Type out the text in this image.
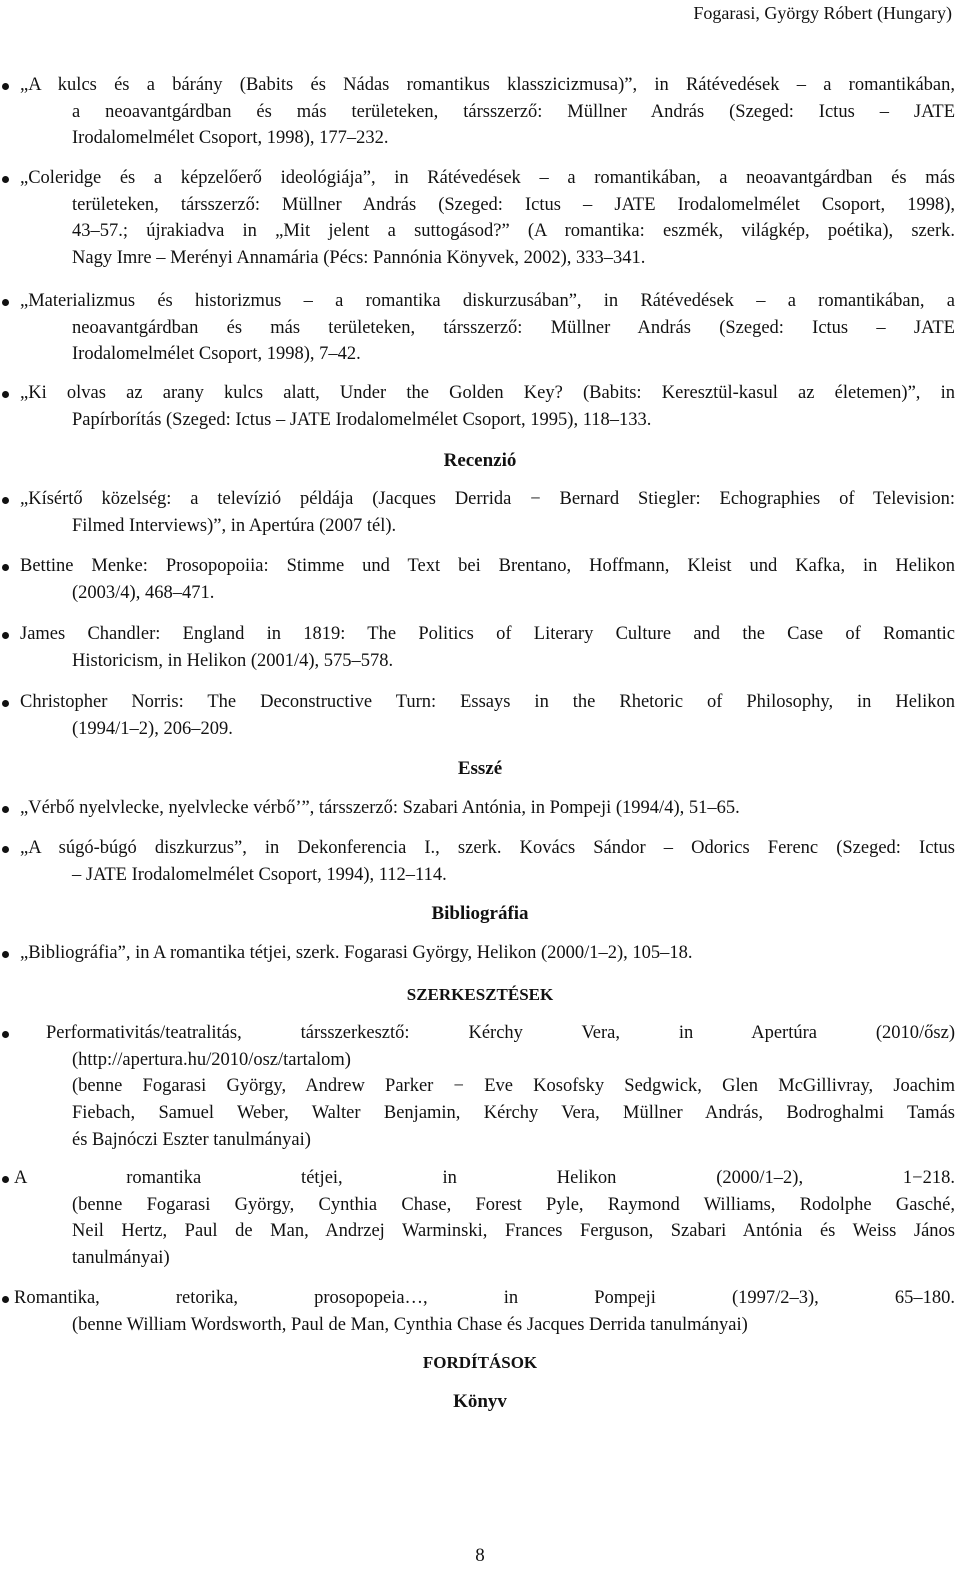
Fogarasi, György Róbert (Hungary)
„A kulcs és a bárány (Babits és Nádas romantikus klasszicizmusa)”, in Rátévedések – a romantikában,
a neoavantgárdban és más területeken, társszerző: Müllner András (Szeged: Ictus – JATE
Irodalomelmélet Csoport, 1998), 177–232.
„Coleridge és a képzelőerő ideológiája”, in Rátévedések – a romantikában, a neoavantgárdban és más
területeken, társszerző: Müllner András (Szeged: Ictus – JATE Irodalomelmélet Csoport, 1998),
43–57.; újrakiadva in „Mit jelent a suttogásod?” (A romantika: eszmék, világkép, poétika), szerk.
Nagy Imre – Merényi Annamária (Pécs: Pannónia Könyvek, 2002), 333–341.
„Materializmus és historizmus – a romantika diskurzusában”, in Rátévedések – a romantikában, a
neoavantgárdban és más területeken, társszerző: Müllner András (Szeged: Ictus – JATE
Irodalomelmélet Csoport, 1998), 7–42.
„Ki olvas az arany kulcs alatt, Under the Golden Key? (Babits: Keresztül-kasul az életemen)”, in
Papírborítás (Szeged: Ictus – JATE Irodalomelmélet Csoport, 1995), 118–133.
Recenzió
„Kísértő közelség: a televízió példája (Jacques Derrida − Bernard Stiegler: Echographies of Television:
Filmed Interviews)”, in Apertúra (2007 tél).
Bettine Menke: Prosopopoiia: Stimme und Text bei Brentano, Hoffmann, Kleist und Kafka, in Helikon
(2003/4), 468–471.
James Chandler: England in 1819: The Politics of Literary Culture and the Case of Romantic
Historicism, in Helikon (2001/4), 575–578.
Christopher Norris: The Deconstructive Turn: Essays in the Rhetoric of Philosophy, in Helikon
(1994/1–2), 206–209.
Esszé
„Vérbő nyelvlecke, nyelvlecke vérbő’”, társszerző: Szabari Antónia, in Pompeji (1994/4), 51–65.
„A súgó-búgó diszkurzus”, in Dekonferencia I., szerk. Kovács Sándor – Odorics Ferenc (Szeged: Ictus
– JATE Irodalomelmélet Csoport, 1994), 112–114.
Bibliográfia
„Bibliográfia”, in A romantika tétjei, szerk. Fogarasi György, Helikon (2000/1–2), 105–18.
SZERKESZTÉSEK
Performativitás/teatralitás, társszerkesztő: Kérchy Vera, in Apertúra (2010/ősz)
(http://apertura.hu/2010/osz/tartalom)
(benne Fogarasi György, Andrew Parker − Eve Kosofsky Sedgwick, Glen McGillivray, Joachim
Fiebach, Samuel Weber, Walter Benjamin, Kérchy Vera, Müllner András, Bodroghalmi Tamás
és Bajnóczi Eszter tanulmányai)
A romantika tétjei, in Helikon (2000/1–2), 1−218.
(benne Fogarasi György, Cynthia Chase, Forest Pyle, Raymond Williams, Rodolphe Gasché,
Neil Hertz, Paul de Man, Andrzej Warminski, Frances Ferguson, Szabari Antónia és Weiss János
tanulmányai)
Romantika, retorika, prosopopeia…, in Pompeji (1997/2–3), 65–180.
(benne William Wordsworth, Paul de Man, Cynthia Chase és Jacques Derrida tanulmányai)
FORDÍTÁSOK
Könyv
8
